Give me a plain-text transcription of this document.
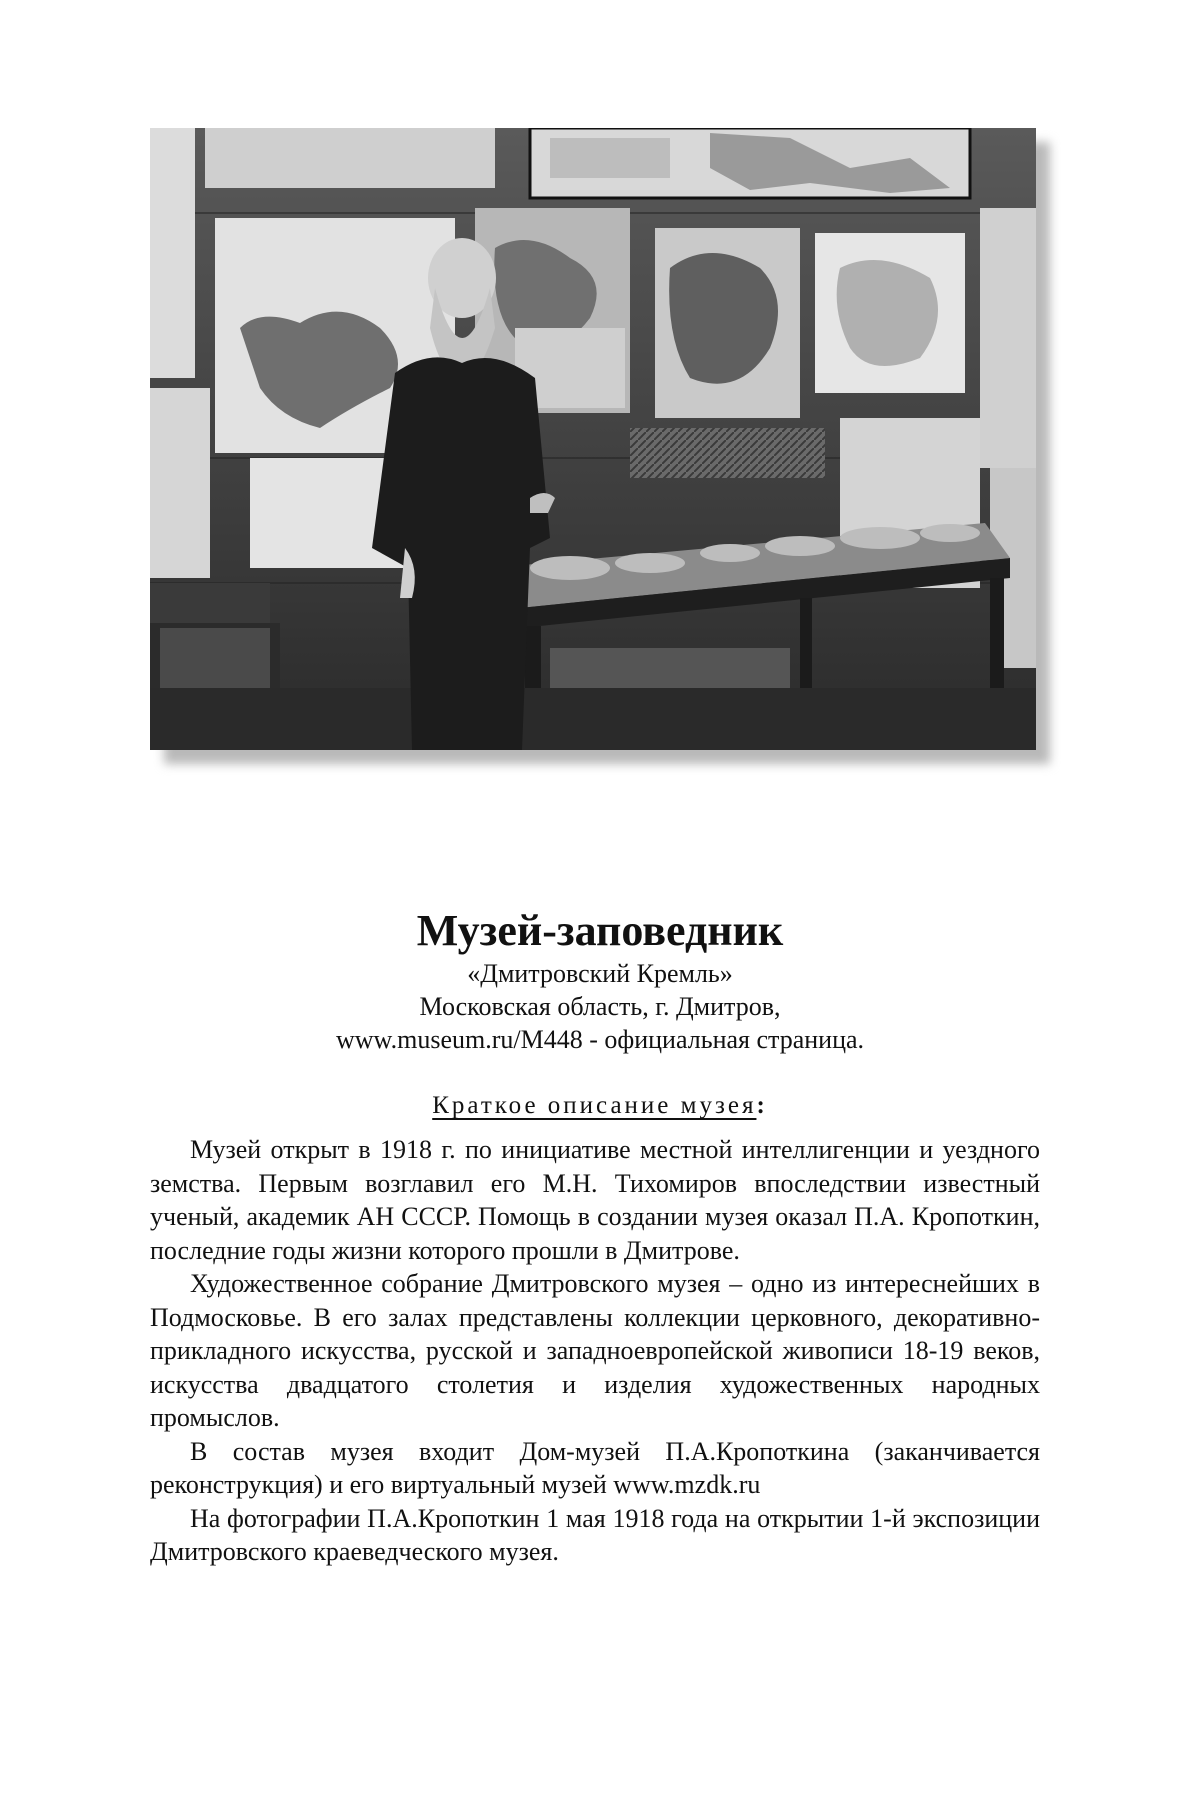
Музей-заповедник
«Дмитровский Кремль»
Московская область, г. Дмитров,
www.museum.ru/M448 - официальная страница.
Краткое описание музея:

Музей открыт в 1918 г. по инициативе местной интеллигенции и уездного земства. Первым возглавил его М.Н. Тихомиров впоследствии известный ученый, академик АН СССР. Помощь в создании музея оказал П.А. Кропоткин, последние годы жизни которого прошли в Дмитрове.

Художественное собрание Дмитровского музея – одно из интереснейших в Подмосковье. В его залах представлены коллекции церковного, декоративно-прикладного искусства, русской и западноевропейской живописи 18-19 веков, искусства двадцатого столетия и изделия художественных народных промыслов.

В состав музея входит Дом-музей П.А.Кропоткина (заканчивается реконструкция) и его виртуальный музей www.mzdk.ru

На фотографии П.А.Кропоткин 1 мая 1918 года на открытии 1-й экспозиции Дмитровского краеведческого музея.
